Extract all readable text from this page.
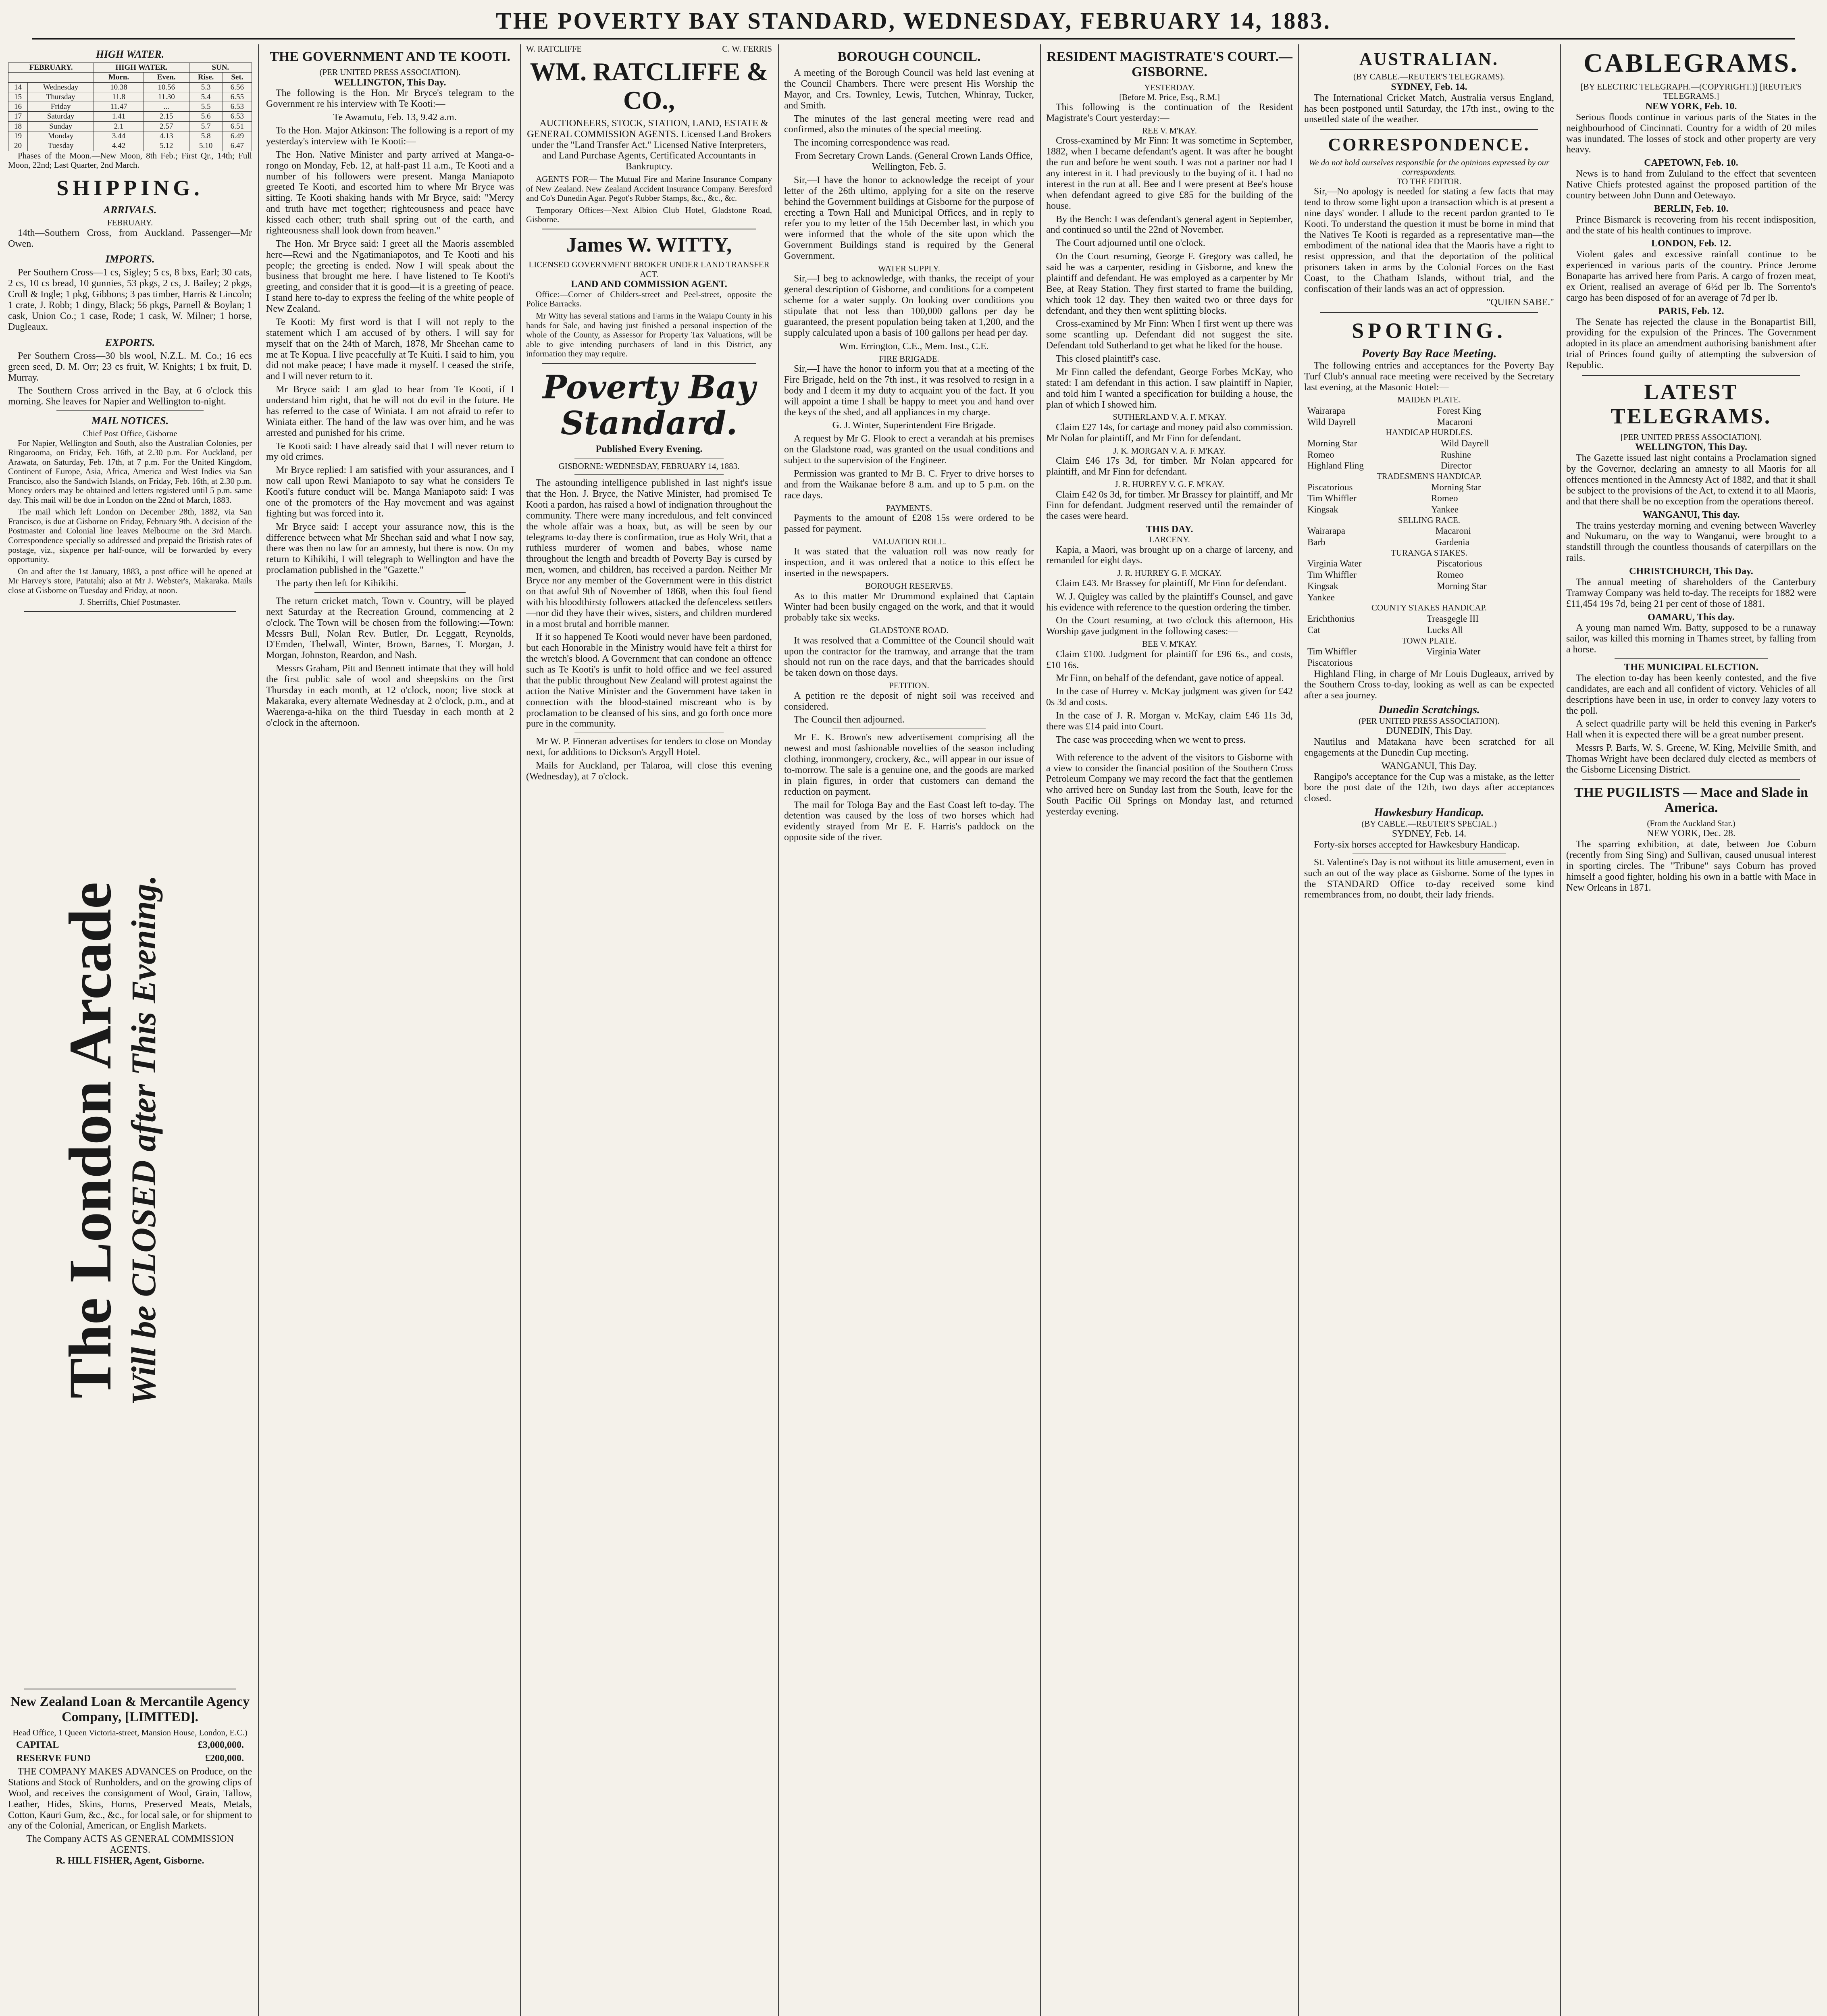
THE POVERTY BAY STANDARD, WEDNESDAY, FEBRUARY 14, 1883.
HIGH WATER.
FEBRUARY.		HIGH WATER.		SUN.	
		Morn.	Even.	Rise.	Set.
14	Wednesday	10.38	10.56	5.3	6.56
15	Thursday	11.8	11.30	5.4	6.55
16	Friday	11.47	...	5.5	6.53
17	Saturday	1.41	2.15	5.6	6.53
18	Sunday	2.1	2.57	5.7	6.51
19	Monday	3.44	4.13	5.8	6.49
20	Tuesday	4.42	5.12	5.10	6.47

Phases of the Moon.—New Moon, 8th Feb.; First Qr., 14th; Full Moon, 22nd; Last Quarter, 2nd March.

SHIPPING.
ARRIVALS.
FEBRUARY.

14th—Southern Cross, from Auckland. Passenger—Mr Owen.

IMPORTS.

Per Southern Cross—1 cs, Sigley; 5 cs, 8 bxs, Earl; 30 cats, 2 cs, 10 cs bread, 10 gunnies, 53 pkgs, 2 cs, J. Bailey; 2 pkgs, Croll & Ingle; 1 pkg, Gibbons; 3 pas timber, Harris & Lincoln; 1 crate, J. Robb; 1 dingy, Black; 56 pkgs, Parnell & Boylan; 1 cask, Union Co.; 1 case, Rode; 1 cask, W. Milner; 1 horse, Dugleaux.

EXPORTS.

Per Southern Cross—30 bls wool, N.Z.L. M. Co.; 16 ecs green seed, D. M. Orr; 23 cs fruit, W. Knights; 1 bx fruit, D. Murray.

The Southern Cross arrived in the Bay, at 6 o'clock this morning. She leaves for Napier and Wellington to-night.

MAIL NOTICES.
Chief Post Office, Gisborne

For Napier, Wellington and South, also the Australian Colonies, per Ringarooma, on Friday, Feb. 16th, at 2.30 p.m. For Auckland, per Arawata, on Saturday, Feb. 17th, at 7 p.m. For the United Kingdom, Continent of Europe, Asia, Africa, America and West Indies via San Francisco, also the Sandwich Islands, on Friday, Feb. 16th, at 2.30 p.m. Money orders may be obtained and letters registered until 5 p.m. same day. This mail will be due in London on the 22nd of March, 1883.

The mail which left London on December 28th, 1882, via San Francisco, is due at Gisborne on Friday, February 9th. A decision of the Postmaster and Colonial line leaves Melbourne on the 3rd March. Correspondence specially so addressed and prepaid the Bristish rates of postage, viz., sixpence per half-ounce, will be forwarded by every opportunity.

On and after the 1st January, 1883, a post office will be opened at Mr Harvey's store, Patutahi; also at Mr J. Webster's, Makaraka. Mails close at Gisborne on Tuesday and Friday, at noon.

J. Sherriffs, Chief Postmaster.
The London Arcade Will be CLOSED after This Evening.
New Zealand Loan & Mercantile Agency Company, [LIMITED].
Head Office, 1 Queen Victoria-street, Mansion House, London, E.C.)
CAPITAL	£3,000,000.
RESERVE FUND	£200,000.

THE COMPANY MAKES ADVANCES on Produce, on the Stations and Stock of Runholders, and on the growing clips of Wool, and receives the consignment of Wool, Grain, Tallow, Leather, Hides, Skins, Horns, Preserved Meats, Metals, Cotton, Kauri Gum, &c., &c., for local sale, or for shipment to any of the Colonial, American, or English Markets.

The Company ACTS AS GENERAL COMMISSION AGENTS.
R. HILL FISHER, Agent, Gisborne.
THE GOVERNMENT AND TE KOOTI.
(PER UNITED PRESS ASSOCIATION).
WELLINGTON, This Day.

The following is the Hon. Mr Bryce's telegram to the Government re his interview with Te Kooti:—

Te Awamutu, Feb. 13, 9.42 a.m.

To the Hon. Major Atkinson: The following is a report of my yesterday's interview with Te Kooti:—

The Hon. Native Minister and party arrived at Manga-o-rongo on Monday, Feb. 12, at half-past 11 a.m., Te Kooti and a number of his followers were present. Manga Maniapoto greeted Te Kooti, and escorted him to where Mr Bryce was sitting. Te Kooti shaking hands with Mr Bryce, said: "Mercy and truth have met together; righteousness and peace have kissed each other; truth shall spring out of the earth, and righteousness shall look down from heaven."

The Hon. Mr Bryce said: I greet all the Maoris assembled here—Rewi and the Ngatimaniapotos, and Te Kooti and his people; the greeting is ended. Now I will speak about the business that brought me here. I have listened to Te Kooti's greeting, and consider that it is good—it is a greeting of peace. I stand here to-day to express the feeling of the white people of New Zealand.

Te Kooti: My first word is that I will not reply to the statement which I am accused of by others. I will say for myself that on the 24th of March, 1878, Mr Sheehan came to me at Te Kopua. I live peacefully at Te Kuiti. I said to him, you did not make peace; I have made it myself. I ceased the strife, and I will never return to it.

Mr Bryce said: I am glad to hear from Te Kooti, if I understand him right, that he will not do evil in the future. He has referred to the case of Winiata. I am not afraid to refer to Winiata either. The hand of the law was over him, and he was arrested and punished for his crime.

Te Kooti said: I have already said that I will never return to my old crimes.

Mr Bryce replied: I am satisfied with your assurances, and I now call upon Rewi Maniapoto to say what he considers Te Kooti's future conduct will be. Manga Maniapoto said: I was one of the promoters of the Hay movement and was against fighting but was forced into it.

Mr Bryce said: I accept your assurance now, this is the difference between what Mr Sheehan said and what I now say, there was then no law for an amnesty, but there is now. On my return to Kihikihi, I will telegraph to Wellington and have the proclamation published in the "Gazette."

The party then left for Kihikihi.

The return cricket match, Town v. Country, will be played next Saturday at the Recreation Ground, commencing at 2 o'clock. The Town will be chosen from the following:—Town: Messrs Bull, Nolan Rev. Butler, Dr. Leggatt, Reynolds, D'Emden, Thelwall, Winter, Brown, Barnes, T. Morgan, J. Morgan, Johnston, Reardon, and Nash.

Messrs Graham, Pitt and Bennett intimate that they will hold the first public sale of wool and sheepskins on the first Thursday in each month, at 12 o'clock, noon; live stock at Makaraka, every alternate Wednesday at 2 o'clock, p.m., and at Waerenga-a-hika on the third Tuesday in each month at 2 o'clock in the afternoon.

W. RATCLIFFE	C. W. FERRIS
WM. RATCLIFFE & CO.,

AUCTIONEERS, STOCK, STATION, LAND, ESTATE & GENERAL COMMISSION AGENTS. Licensed Land Brokers under the "Land Transfer Act." Licensed Native Interpreters, and Land Purchase Agents, Certificated Accountants in Bankruptcy.

AGENTS FOR— The Mutual Fire and Marine Insurance Company of New Zealand. New Zealand Accident Insurance Company. Beresford and Co's Dunedin Agar. Pegot's Rubber Stamps, &c., &c., &c.

Temporary Offices—Next Albion Club Hotel, Gladstone Road, Gisborne.

James W. WITTY,
LICENSED GOVERNMENT BROKER UNDER LAND TRANSFER ACT.
LAND AND COMMISSION AGENT.

Office:—Corner of Childers-street and Peel-street, opposite the Police Barracks.

Mr Witty has several stations and Farms in the Waiapu County in his hands for Sale, and having just finished a personal inspection of the whole of the County, as Assessor for Property Tax Valuations, will be able to give intending purchasers of land in this District, any information they may require.

Poverty Bay Standard.
Published Every Evening.
GISBORNE: WEDNESDAY, FEBRUARY 14, 1883.

The astounding intelligence published in last night's issue that the Hon. J. Bryce, the Native Minister, had promised Te Kooti a pardon, has raised a howl of indignation throughout the community. There were many incredulous, and felt convinced the whole affair was a hoax, but, as will be seen by our telegrams to-day there is confirmation, true as Holy Writ, that a ruthless murderer of women and babes, whose name throughout the length and breadth of Poverty Bay is cursed by men, women, and children, has received a pardon. Neither Mr Bryce nor any member of the Government were in this district on that awful 9th of November of 1868, when this foul fiend with his bloodthirsty followers attacked the defenceless settlers—nor did they have their wives, sisters, and children murdered in a most brutal and horrible manner.

If it so happened Te Kooti would never have been pardoned, but each Honorable in the Ministry would have felt a thirst for the wretch's blood. A Government that can condone an offence such as Te Kooti's is unfit to hold office and we feel assured that the public throughout New Zealand will protest against the action the Native Minister and the Government have taken in connection with the blood-stained miscreant who is by proclamation to be cleansed of his sins, and go forth once more pure in the community.

Mr W. P. Finneran advertises for tenders to close on Monday next, for additions to Dickson's Argyll Hotel.

Mails for Auckland, per Talaroa, will close this evening (Wednesday), at 7 o'clock.

BOROUGH COUNCIL.

A meeting of the Borough Council was held last evening at the Council Chambers. There were present His Worship the Mayor, and Crs. Townley, Lewis, Tutchen, Whinray, Tucker, and Smith.

The minutes of the last general meeting were read and confirmed, also the minutes of the special meeting.

The incoming correspondence was read.

From Secretary Crown Lands. (General Crown Lands Office, Wellington, Feb. 5.

Sir,—I have the honor to acknowledge the receipt of your letter of the 26th ultimo, applying for a site on the reserve behind the Government buildings at Gisborne for the purpose of erecting a Town Hall and Municipal Offices, and in reply to refer you to my letter of the 15th December last, in which you were informed that the whole of the site upon which the Government Buildings stand is required by the General Government.

WATER SUPPLY.

Sir,—I beg to acknowledge, with thanks, the receipt of your general description of Gisborne, and conditions for a competent scheme for a water supply. On looking over conditions you stipulate that not less than 100,000 gallons per day be guaranteed, the present population being taken at 1,200, and the supply calculated upon a basis of 100 gallons per head per day.

Wm. Errington, C.E., Mem. Inst., C.E.

FIRE BRIGADE.

Sir,—I have the honor to inform you that at a meeting of the Fire Brigade, held on the 7th inst., it was resolved to resign in a body and I deem it my duty to acquaint you of the fact. If you will appoint a time I shall be happy to meet you and hand over the keys of the shed, and all appliances in my charge.

G. J. Winter, Superintendent Fire Brigade.

A request by Mr G. Flook to erect a verandah at his premises on the Gladstone road, was granted on the usual conditions and subject to the supervision of the Engineer.

Permission was granted to Mr B. C. Fryer to drive horses to and from the Waikanae before 8 a.m. and up to 5 p.m. on the race days.

PAYMENTS.

Payments to the amount of £208 15s were ordered to be passed for payment.

VALUATION ROLL.

It was stated that the valuation roll was now ready for inspection, and it was ordered that a notice to this effect be inserted in the newspapers.

BOROUGH RESERVES.

As to this matter Mr Drummond explained that Captain Winter had been busily engaged on the work, and that it would probably take six weeks.

GLADSTONE ROAD.

It was resolved that a Committee of the Council should wait upon the contractor for the tramway, and arrange that the tram should not run on the race days, and that the barricades should be taken down on those days.

PETITION.

A petition re the deposit of night soil was received and considered.

The Council then adjourned.

Mr E. K. Brown's new advertisement comprising all the newest and most fashionable novelties of the season including clothing, ironmongery, crockery, &c., will appear in our issue of to-morrow. The sale is a genuine one, and the goods are marked in plain figures, in order that customers can demand the reduction on payment.

The mail for Tologa Bay and the East Coast left to-day. The detention was caused by the loss of two horses which had evidently strayed from Mr E. F. Harris's paddock on the opposite side of the river.

RESIDENT MAGISTRATE'S COURT.—GISBORNE.
YESTERDAY.
[Before M. Price, Esq., R.M.]

This following is the continuation of the Resident Magistrate's Court yesterday:—

REE V. M'KAY.

Cross-examined by Mr Finn: It was sometime in September, 1882, when I became defendant's agent. It was after he bought the run and before he went south. I was not a partner nor had I any interest in it. I had previously to the buying of it. I had no interest in the run at all. Bee and I were present at Bee's house when defendant agreed to give £85 for the building of the house.

By the Bench: I was defendant's general agent in September, and continued so until the 22nd of November.

The Court adjourned until one o'clock.

On the Court resuming, George F. Gregory was called, he said he was a carpenter, residing in Gisborne, and knew the plaintiff and defendant. He was employed as a carpenter by Mr Bee, at Reay Station. They first started to frame the building, which took 12 day. They then waited two or three days for defendant, and they then went splitting blocks.

Cross-examined by Mr Finn: When I first went up there was some scantling up. Defendant did not suggest the site. Defendant told Sutherland to get what he liked for the house.

This closed plaintiff's case.

Mr Finn called the defendant, George Forbes McKay, who stated: I am defendant in this action. I saw plaintiff in Napier, and told him I wanted a specification for building a house, the plan of which I showed him.

SUTHERLAND V. A. F. M'KAY.

Claim £27 14s, for cartage and money paid also commission. Mr Nolan for plaintiff, and Mr Finn for defendant.

J. K. MORGAN V. A. F. M'KAY.

Claim £46 17s 3d, for timber. Mr Nolan appeared for plaintiff, and Mr Finn for defendant.

J. R. HURREY V. G. F. M'KAY.

Claim £42 0s 3d, for timber. Mr Brassey for plaintiff, and Mr Finn for defendant. Judgment reserved until the remainder of the cases were heard.

THIS DAY.
LARCENY.

Kapia, a Maori, was brought up on a charge of larceny, and remanded for eight days.

J. R. HURREY G. F. MCKAY.

Claim £43. Mr Brassey for plaintiff, Mr Finn for defendant.

W. J. Quigley was called by the plaintiff's Counsel, and gave his evidence with reference to the question ordering the timber.

On the Court resuming, at two o'clock this afternoon, His Worship gave judgment in the following cases:—

BEE V. M'KAY.

Claim £100. Judgment for plaintiff for £96 6s., and costs, £10 16s.

Mr Finn, on behalf of the defendant, gave notice of appeal.

In the case of Hurrey v. McKay judgment was given for £42 0s 3d and costs.

In the case of J. R. Morgan v. McKay, claim £46 11s 3d, there was £14 paid into Court.

The case was proceeding when we went to press.

With reference to the advent of the visitors to Gisborne with a view to consider the financial position of the Southern Cross Petroleum Company we may record the fact that the gentlemen who arrived here on Sunday last from the South, leave for the South Pacific Oil Springs on Monday last, and returned yesterday evening.

AUSTRALIAN.
(BY CABLE.—REUTER'S TELEGRAMS).
SYDNEY, Feb. 14.

The International Cricket Match, Australia versus England, has been postponed until Saturday, the 17th inst., owing to the unsettled state of the weather.

CORRESPONDENCE.
We do not hold ourselves responsible for the opinions expressed by our correspondents.
TO THE EDITOR.

Sir,—No apology is needed for stating a few facts that may tend to throw some light upon a transaction which is at present a nine days' wonder. I allude to the recent pardon granted to Te Kooti. To understand the question it must be borne in mind that the Natives Te Kooti is regarded as a representative man—the embodiment of the national idea that the Maoris have a right to resist oppression, and that the deportation of the political prisoners taken in arms by the Colonial Forces on the East Coast, to the Chatham Islands, without trial, and the confiscation of their lands was an act of oppression.

"QUIEN SABE."
SPORTING.
Poverty Bay Race Meeting.

The following entries and acceptances for the Poverty Bay Turf Club's annual race meeting were received by the Secretary last evening, at the Masonic Hotel:—

MAIDEN PLATE.
Wairarapa	Forest King
Wild Dayrell	Macaroni
HANDICAP HURDLES.
Morning Star	Wild Dayrell
Romeo	Rushine
Highland Fling	Director
TRADESMEN'S HANDICAP.
Piscatorious	Morning Star
Tim Whiffler	Romeo
Kingsak	Yankee
SELLING RACE.
Wairarapa	Macaroni
Barb	Gardenia
TURANGA STAKES.
Virginia Water	Piscatorious
Tim Whiffler	Romeo
Kingsak	Morning Star
Yankee	
COUNTY STAKES HANDICAP.
Erichthonius	Treasgegle III
Cat	Lucks All
TOWN PLATE.
Tim Whiffler	Virginia Water
Piscatorious	

Highland Fling, in charge of Mr Louis Dugleaux, arrived by the Southern Cross to-day, looking as well as can be expected after a sea journey.

Dunedin Scratchings.
(PER UNITED PRESS ASSOCIATION).
DUNEDIN, This Day.

Nautilus and Matakana have been scratched for all engagements at the Dunedin Cup meeting.

WANGANUI, This Day.

Rangipo's acceptance for the Cup was a mistake, as the letter bore the post date of the 12th, two days after acceptances closed.

Hawkesbury Handicap.
(BY CABLE.—REUTER'S SPECIAL.)
SYDNEY, Feb. 14.

Forty-six horses accepted for Hawkesbury Handicap.

St. Valentine's Day is not without its little amusement, even in such an out of the way place as Gisborne. Some of the types in the STANDARD Office to-day received some kind remembrances from, no doubt, their lady friends.

CABLEGRAMS.
[BY ELECTRIC TELEGRAPH.—(COPYRIGHT.)] [REUTER'S TELEGRAMS.]
NEW YORK, Feb. 10.

Serious floods continue in various parts of the States in the neighbourhood of Cincinnati. Country for a width of 20 miles was inundated. The losses of stock and other property are very heavy.

CAPETOWN, Feb. 10.

News is to hand from Zululand to the effect that seventeen Native Chiefs protested against the proposed partition of the country between John Dunn and Oetewayo.

BERLIN, Feb. 10.

Prince Bismarck is recovering from his recent indisposition, and the state of his health continues to improve.

LONDON, Feb. 12.

Violent gales and excessive rainfall continue to be experienced in various parts of the country. Prince Jerome Bonaparte has arrived here from Paris. A cargo of frozen meat, ex Orient, realised an average of 6½d per lb. The Sorrento's cargo has been disposed of for an average of 7d per lb.

PARIS, Feb. 12.

The Senate has rejected the clause in the Bonapartist Bill, providing for the expulsion of the Princes. The Government adopted in its place an amendment authorising banishment after trial of Princes found guilty of attempting the subversion of Republic.

LATEST TELEGRAMS.
[PER UNITED PRESS ASSOCIATION].
WELLINGTON, This Day.

The Gazette issued last night contains a Proclamation signed by the Governor, declaring an amnesty to all Maoris for all offences mentioned in the Amnesty Act of 1882, and that it shall be subject to the provisions of the Act, to extend it to all Maoris, and that there shall be no exception from the operations thereof.

WANGANUI, This day.

The trains yesterday morning and evening between Waverley and Nukumaru, on the way to Wanganui, were brought to a standstill through the countless thousands of caterpillars on the rails.

CHRISTCHURCH, This Day.

The annual meeting of shareholders of the Canterbury Tramway Company was held to-day. The receipts for 1882 were £11,454 19s 7d, being 21 per cent of those of 1881.

OAMARU, This day.

A young man named Wm. Batty, supposed to be a runaway sailor, was killed this morning in Thames street, by falling from a horse.

THE MUNICIPAL ELECTION.

The election to-day has been keenly contested, and the five candidates, are each and all confident of victory. Vehicles of all descriptions have been in use, in order to convey lazy voters to the poll.

A select quadrille party will be held this evening in Parker's Hall when it is expected there will be a great number present.

Messrs P. Barfs, W. S. Greene, W. King, Melville Smith, and Thomas Wright have been declared duly elected as members of the Gisborne Licensing District.

THE PUGILISTS — Mace and Slade in America.
(From the Auckland Star.)
NEW YORK, Dec. 28.

The sparring exhibition, at date, between Joe Coburn (recently from Sing Sing) and Sullivan, caused unusual interest in sporting circles. The "Tribune" says Coburn has proved himself a good fighter, holding his own in a battle with Mace in New Orleans in 1871.
